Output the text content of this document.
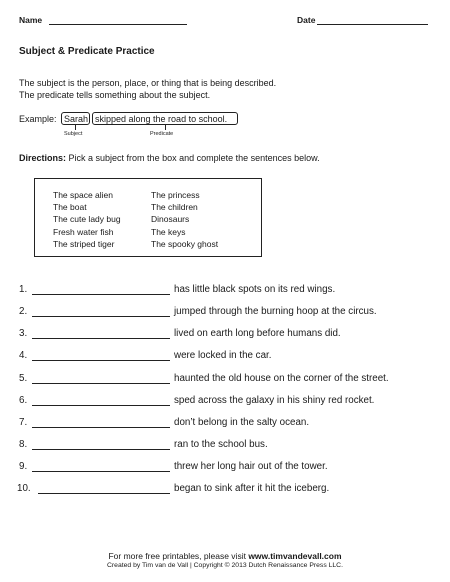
Name	Date
Subject & Predicate Practice
The subject is the person, place, or thing that is being described.
The predicate tells something about the subject.
Example: Sarah skipped along the road to school.
Subject	Predicate
Directions: Pick a subject from the box and complete the sentences below.
The space alien
The boat
The cute lady bug
Fresh water fish
The striped tiger
The princess
The children
Dinosaurs
The keys
The spooky ghost
1.	has little black spots on its red wings.
2.	jumped through the burning hoop at the circus.
3.	lived on earth long before humans did.
4.	were locked in the car.
5.	haunted the old house on the corner of the street.
6.	sped across the galaxy in his shiny red rocket.
7.	don’t belong in the salty ocean.
8.	ran to the school bus.
9.	threw her long hair out of the tower.
10.	began to sink after it hit the iceberg.
For more free printables, please visit www.timvandevall.com
Created by Tim van de Vall | Copyright © 2013 Dutch Renaissance Press LLC.
